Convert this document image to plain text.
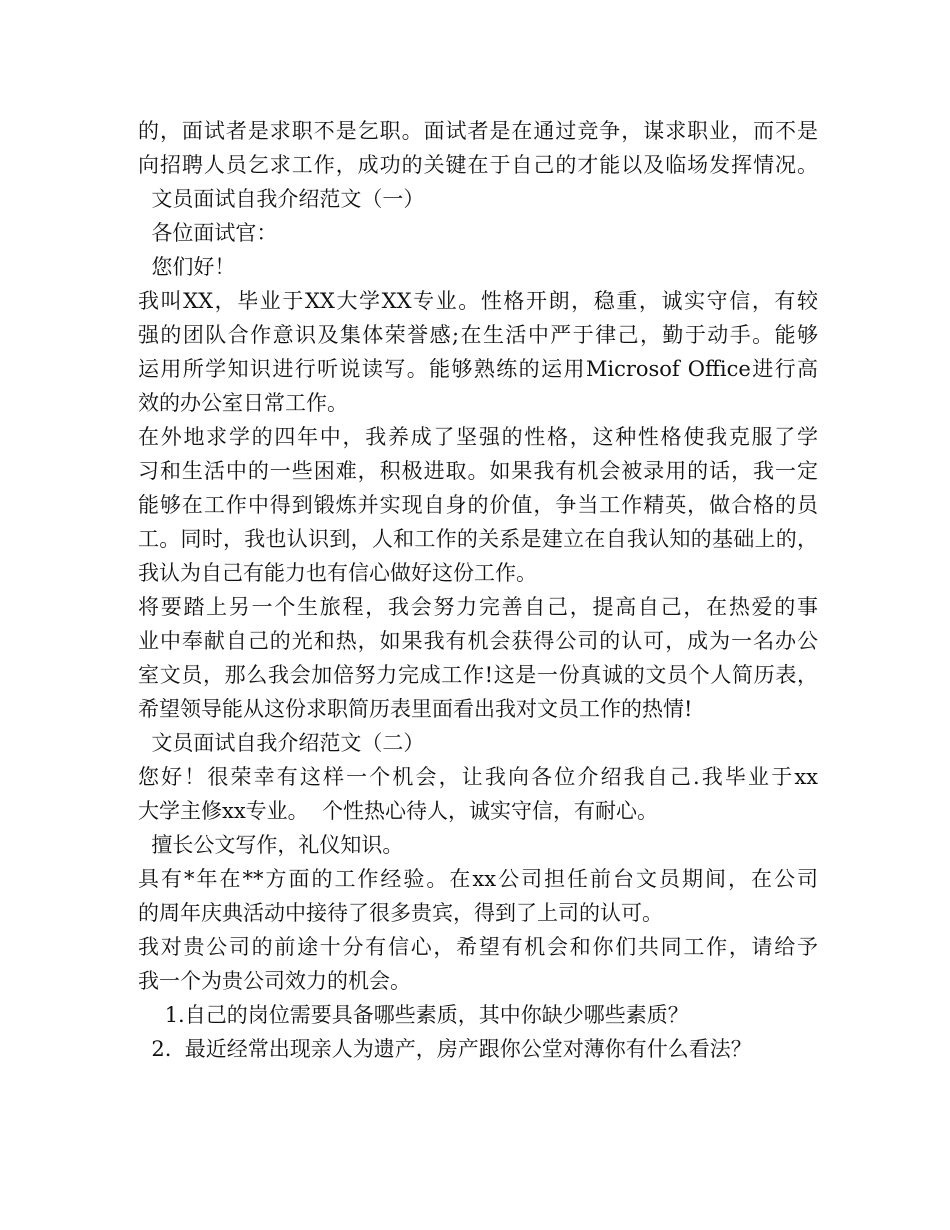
的，面试者是求职不是乞职。面试者是在通过竞争，谋求职业，而不是
向招聘人员乞求工作，成功的关键在于自己的才能以及临场发挥情况。
文员面试自我介绍范文（一）
各位面试官：
您们好！
我叫XX，毕业于XX大学XX专业。性格开朗，稳重，诚实守信，有较
强的团队合作意识及集体荣誉感;在生活中严于律己，勤于动手。能够
运用所学知识进行听说读写。能够熟练的运用Microsof Office进行高
效的办公室日常工作。
在外地求学的四年中，我养成了坚强的性格，这种性格使我克服了学
习和生活中的一些困难，积极进取。如果我有机会被录用的话，我一定
能够在工作中得到锻炼并实现自身的价值，争当工作精英，做合格的员
工。同时，我也认识到，人和工作的关系是建立在自我认知的基础上的，
我认为自己有能力也有信心做好这份工作。
将要踏上另一个生旅程，我会努力完善自己，提高自己，在热爱的事
业中奉献自己的光和热，如果我有机会获得公司的认可，成为一名办公
室文员，那么我会加倍努力完成工作!这是一份真诚的文员个人简历表，
希望领导能从这份求职简历表里面看出我对文员工作的热情!
文员面试自我介绍范文（二）
您好！很荣幸有这样一个机会，让我向各位介绍我自己.我毕业于xx
大学主修xx专业。  个性热心待人，诚实守信，有耐心。
擅长公文写作，礼仪知识。
具有*年在**方面的工作经验。在xx公司担任前台文员期间，在公司
的周年庆典活动中接待了很多贵宾，得到了上司的认可。
我对贵公司的前途十分有信心，希望有机会和你们共同工作，请给予
我一个为贵公司效力的机会。
1.自己的岗位需要具备哪些素质，其中你缺少哪些素质？
2.  最近经常出现亲人为遗产，房产跟你公堂对薄你有什么看法？
